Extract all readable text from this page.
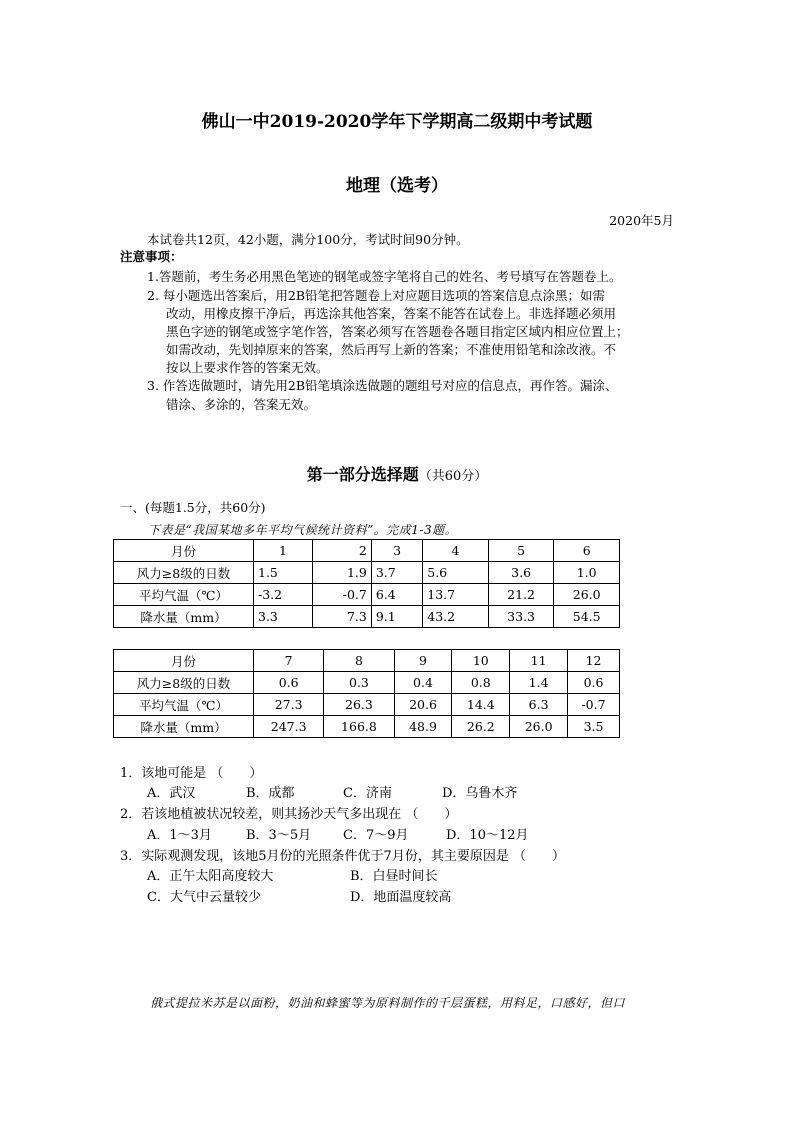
佛山一中2019-2020学年下学期高二级期中考试题
地理（选考）
2020年5月
本试卷共12页，42小题，满分100分，考试时间90分钟。
注意事项：
1.答题前，考生务必用黑色笔迹的钢笔或签字笔将自己的姓名、考号填写在答题卷上。
2. 每小题选出答案后，用2B铅笔把答题卷上对应题目选项的答案信息点涂黑；如需
改动，用橡皮擦干净后，再选涂其他答案，答案不能答在试卷上。非选择题必须用
黑色字迹的钢笔或签字笔作答，答案必须写在答题卷各题目指定区域内相应位置上；
如需改动，先划掉原来的答案，然后再写上新的答案；不准使用铅笔和涂改液。不
按以上要求作答的答案无效。
3. 作答选做题时，请先用2B铅笔填涂选做题的题组号对应的信息点，再作答。漏涂、
错涂、多涂的，答案无效。
第一部分选择题（共60分）
一、(每题1.5分，共60分)
下表是“我国某地多年平均气候统计资料”。完成1-3题。
月份	1	2	3	4	5	6
风力≥8级的日数	1.5	1.9	3.7	5.6	3.6	1.0
平均气温（℃）	-3.2	-0.7	6.4	13.7	21.2	26.0
降水量（mm）	3.3	7.3	9.1	43.2	33.3	54.5
月份	7	8	9	10	11	12
风力≥8级的日数	0.6	0.3	0.4	0.8	1.4	0.6
平均气温（℃）	27.3	26.3	20.6	14.4	6.3	-0.7
降水量（mm）	247.3	166.8	48.9	26.2	26.0	3.5
1．该地可能是 （　　）
A．武汉	B．成都	C．济南	D．乌鲁木齐
2．若该地植被状况较差，则其扬沙天气多出现在 （　　）
A．1～3月	B．3～5月 C．7～9月	D．10～12月
3．实际观测发现，该地5月份的光照条件优于7月份，其主要原因是 （　　）
A．正午太阳高度较大	B．白昼时间长
C．大气中云量较少	D．地面温度较高
俄式提拉米苏是以面粉，奶油和蜂蜜等为原料制作的千层蛋糕，用料足，口感好，但口
